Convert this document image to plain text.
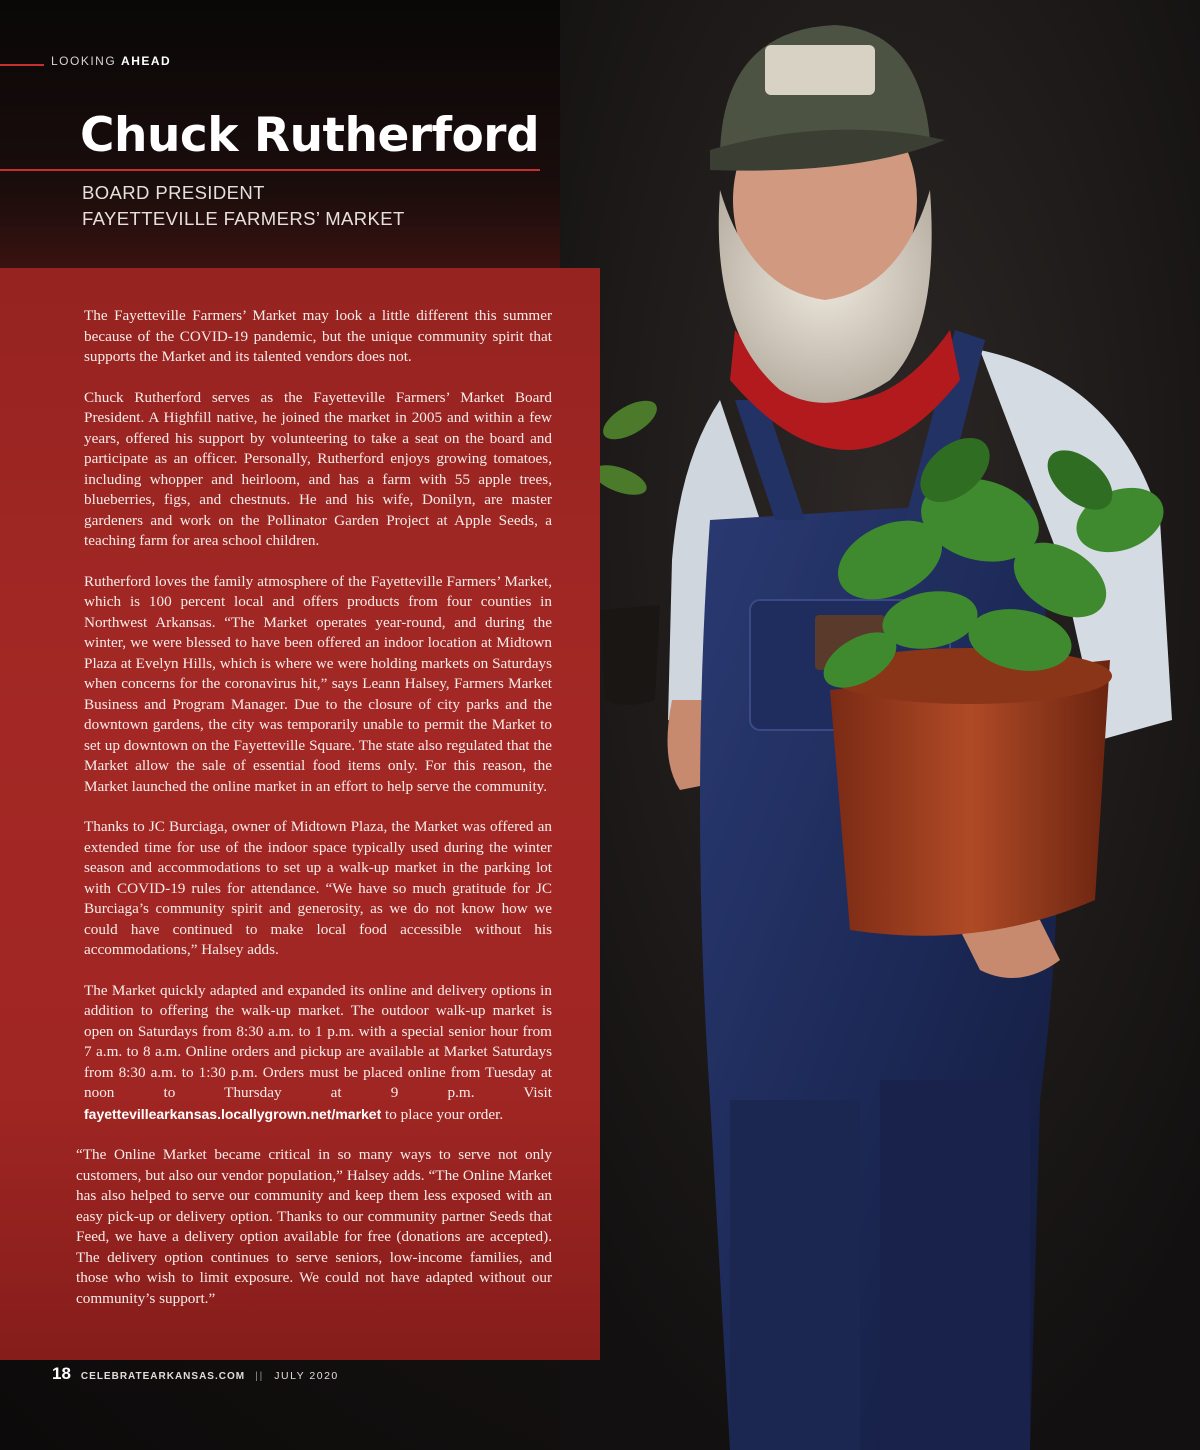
LOOKING AHEAD
Chuck Rutherford
BOARD PRESIDENT
FAYETTEVILLE FARMERS’ MARKET

The Fayetteville Farmers’ Market may look a little different this summer because of the COVID-19 pandemic, but the unique community spirit that supports the Market and its talented vendors does not.

Chuck Rutherford serves as the Fayetteville Farmers’ Market Board President. A Highfill native, he joined the market in 2005 and within a few years, offered his support by volunteering to take a seat on the board and participate as an officer. Personally, Rutherford enjoys growing tomatoes, including whopper and heirloom, and has a farm with 55 apple trees, blueberries, figs, and chestnuts. He and his wife, Donilyn, are master gardeners and work on the Pollinator Garden Project at Apple Seeds, a teaching farm for area school children.

Rutherford loves the family atmosphere of the Fayetteville Farmers’ Market, which is 100 percent local and offers products from four counties in Northwest Arkansas. “The Market operates year-round, and during the winter, we were blessed to have been offered an indoor location at Midtown Plaza at Evelyn Hills, which is where we were holding markets on Saturdays when concerns for the coronavirus hit,” says Leann Halsey, Farmers Market Business and Program Manager. Due to the closure of city parks and the downtown gardens, the city was temporarily unable to permit the Market to set up downtown on the Fayetteville Square. The state also regulated that the Market allow the sale of essential food items only. For this reason, the Market launched the online market in an effort to help serve the community.

Thanks to JC Burciaga, owner of Midtown Plaza, the Market was offered an extended time for use of the indoor space typically used during the winter season and accommodations to set up a walk-up market in the parking lot with COVID-19 rules for attendance. “We have so much gratitude for JC Burciaga’s community spirit and generosity, as we do not know how we could have continued to make local food accessible without his accommodations,” Halsey adds.

The Market quickly adapted and expanded its online and delivery options in addition to offering the walk-up market. The outdoor walk-up market is open on Saturdays from 8:30 a.m. to 1 p.m. with a special senior hour from 7 a.m. to 8 a.m. Online orders and pickup are available at Market Saturdays from 8:30 a.m. to 1:30 p.m. Orders must be placed online from Tuesday at noon to Thursday at 9 p.m. Visit fayettevillearkansas.locallygrown.net/market to place your order.

“The Online Market became critical in so many ways to serve not only customers, but also our vendor population,” Halsey adds. “The Online Market has also helped to serve our community and keep them less exposed with an easy pick-up or delivery option. Thanks to our community partner Seeds that Feed, we have a delivery option available for free (donations are accepted). The delivery option continues to serve seniors, low-income families, and those who wish to limit exposure. We could not have adapted without our community’s support.”

18 CELEBRATEARKANSAS.COM || JULY 2020
